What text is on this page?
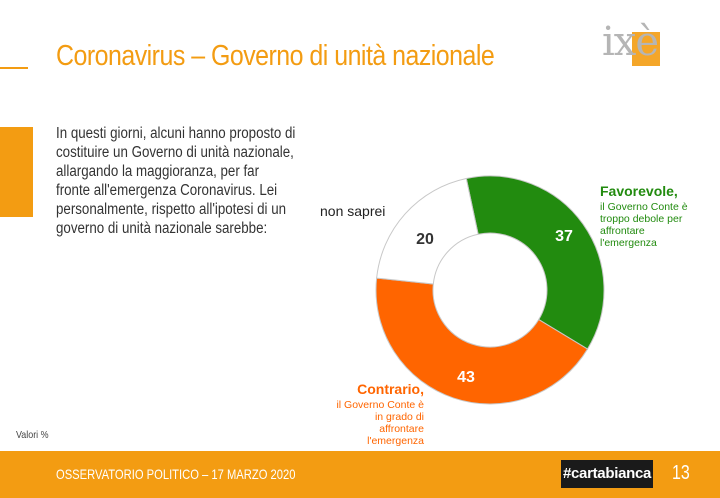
Coronavirus – Governo di unità nazionale	ixè

In questi giorni, alcuni hanno proposto di costituire un Governo di unità nazionale, allargando la maggioranza, per far fronte all'emergenza Coronavirus. Lei personalmente, rispetto all'ipotesi di un governo di unità nazionale sarebbe:	37
43
20
Favorevole,
il Governo Conte è troppo debole per affrontare l'emergenza
Contrario,
il Governo Conte è in grado di affrontare l'emergenza
non saprei
Valori %
OSSERVATORIO POLITICO – 17 MARZO 2020	#cartabianca 13
